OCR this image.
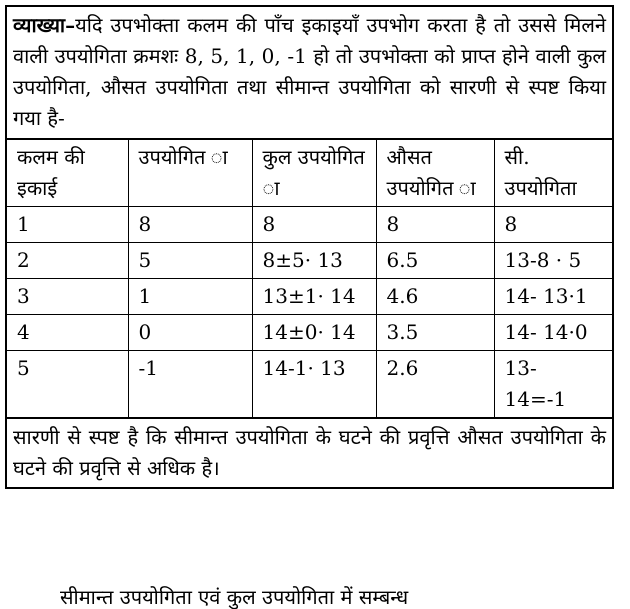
व्याख्या–यदि उपभोक्ता कलम की पाँच इकाइयाँ उपभोग करता है तो उससे मिलने वाली उपयोगिता क्रमशः 8, 5, 1, 0, -1 हो तो उपभोक्ता को प्राप्त होने वाली कुल उपयोगिता, औसत उपयोगिता तथा सीमान्त उपयोगिता को सारणी से स्पष्ट किया गया है-
कलम की इकाई	उपयोगित ा	कुल उपयोगित ा	औसत उपयोगित ा	सी. उपयोगिता
1	8	8	8	8
2	5	8±5· 13	6.5	13-8 · 5
3	1	13±1· 14	4.6	14- 13·1
4	0	14±0· 14	3.5	14- 14·0
5	-1	14-1· 13	2.6	13- 14=-1
सारणी से स्पष्ट है कि सीमान्त उपयोगिता के घटने की प्रवृत्ति औसत उपयोगिता के घटने की प्रवृत्ति से अधिक है।
सीमान्त उपयोगिता एवं कुल उपयोगिता में सम्बन्ध
